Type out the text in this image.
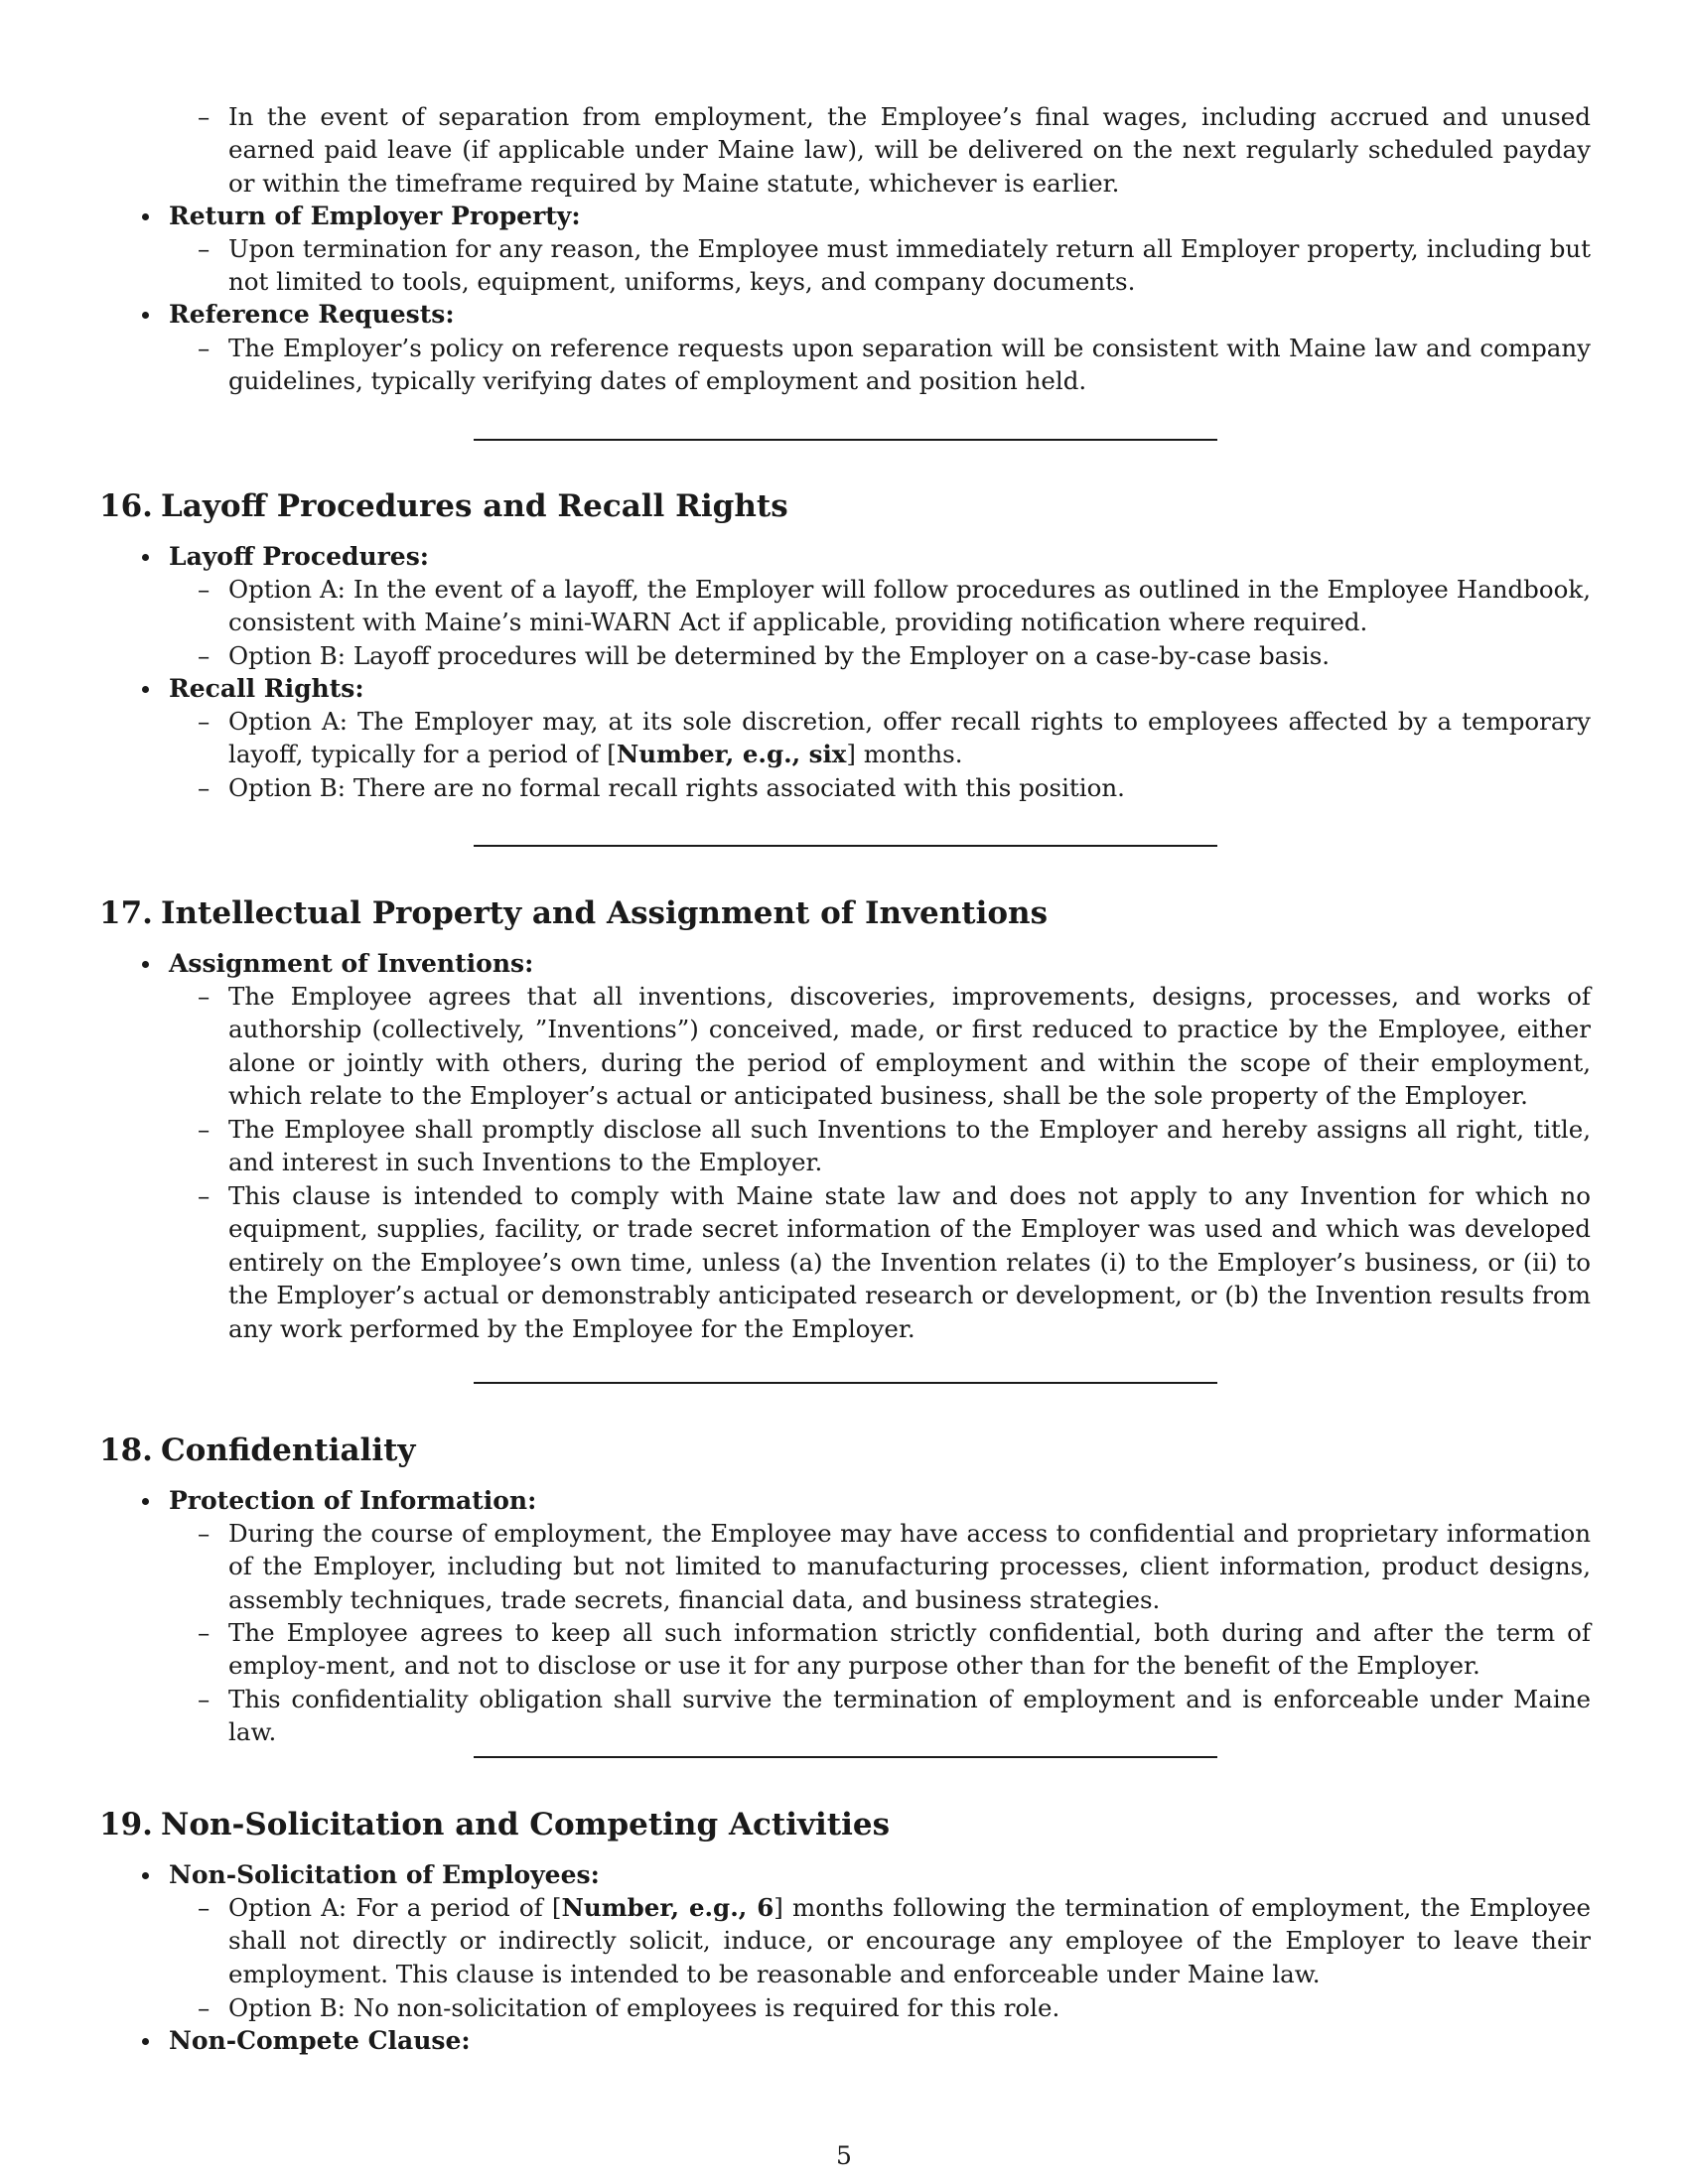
– In the event of separation from employment, the Employee’s final wages, including accrued and unused earned paid leave (if applicable under Maine law), will be delivered on the next regularly scheduled payday or within the timeframe required by Maine statute, whichever is earlier.
Return of Employer Property:
– Upon termination for any reason, the Employee must immediately return all Employer property, including but not limited to tools, equipment, uniforms, keys, and company documents.
Reference Requests:
– The Employer’s policy on reference requests upon separation will be consistent with Maine law and company guidelines, typically verifying dates of employment and position held.
16. Layoff Procedures and Recall Rights
Layoff Procedures:
– Option A: In the event of a layoff, the Employer will follow procedures as outlined in the Employee Handbook, consistent with Maine’s mini-WARN Act if applicable, providing notification where required.
– Option B: Layoff procedures will be determined by the Employer on a case-by-case basis.
Recall Rights:
– Option A: The Employer may, at its sole discretion, offer recall rights to employees affected by a temporary layoff, typically for a period of [Number, e.g., six] months.
– Option B: There are no formal recall rights associated with this position.
17. Intellectual Property and Assignment of Inventions
Assignment of Inventions:
– The Employee agrees that all inventions, discoveries, improvements, designs, processes, and works of authorship (collectively, ”Inventions”) conceived, made, or first reduced to practice by the Employee, either alone or jointly with others, during the period of employment and within the scope of their employment, which relate to the Employer’s actual or anticipated business, shall be the sole property of the Employer.
– The Employee shall promptly disclose all such Inventions to the Employer and hereby assigns all right, title, and interest in such Inventions to the Employer.
– This clause is intended to comply with Maine state law and does not apply to any Invention for which no equipment, supplies, facility, or trade secret information of the Employer was used and which was developed entirely on the Employee’s own time, unless (a) the Invention relates (i) to the Employer’s business, or (ii) to the Employer’s actual or demonstrably anticipated research or development, or (b) the Invention results from any work performed by the Employee for the Employer.
18. Confidentiality
Protection of Information:
– During the course of employment, the Employee may have access to confidential and proprietary information of the Employer, including but not limited to manufacturing processes, client information, product designs, assembly techniques, trade secrets, financial data, and business strategies.
– The Employee agrees to keep all such information strictly confidential, both during and after the term of employ-ment, and not to disclose or use it for any purpose other than for the benefit of the Employer.
– This confidentiality obligation shall survive the termination of employment and is enforceable under Maine law.
19. Non-Solicitation and Competing Activities
Non-Solicitation of Employees:
– Option A: For a period of [Number, e.g., 6] months following the termination of employment, the Employee shall not directly or indirectly solicit, induce, or encourage any employee of the Employer to leave their employment. This clause is intended to be reasonable and enforceable under Maine law.
– Option B: No non-solicitation of employees is required for this role.
Non-Compete Clause:
5
